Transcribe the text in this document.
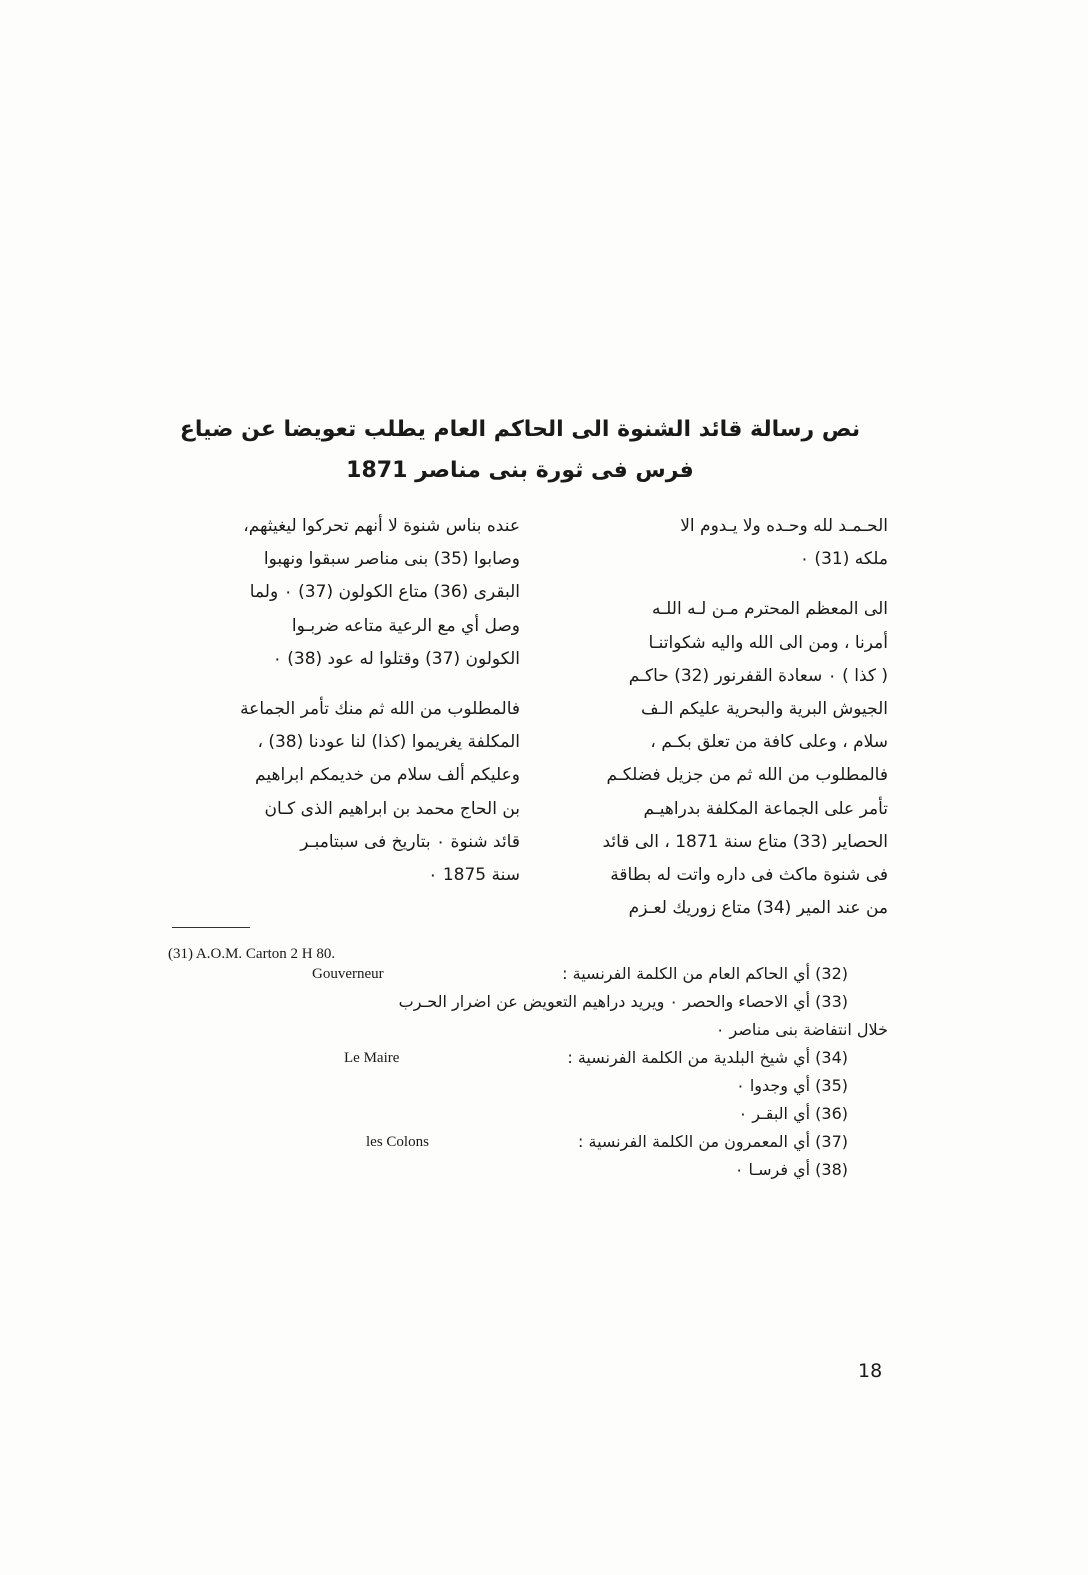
نص رسالة قائد الشنوة الى الحاكم العام يطلب تعويضا عن ضياع
فرس فى ثورة بنى مناصر 1871
الحـمـد لله وحـده ولا يـدوم الا
ملكه (31) ٠
الى المعظم المحترم مـن لـه اللـه
أمرنا ، ومن الى الله واليه شكواتنـا
( كذا ) ٠ سعادة القفرنور (32) حاكـم
الجيوش البرية والبحرية عليكم الـف
سلام ، وعلى كافة من تعلق بكـم ،
فالمطلوب من الله ثم من جزيل فضلكـم
تأمر على الجماعة المكلفة بدراهيـم
الحصاير (33) متاع سنة 1871 ، الى قائد
فى شنوة ماكث فى داره واتت له بطاقة
من عند المير (34) متاع زوريك لعـزم
عنده بناس شنوة لا أنهم تحركوا ليغيثهم،
وصابوا (35) بنى مناصر سبقوا ونهبوا
البقرى (36) متاع الكولون (37) ٠ ولما
وصل أي مع الرعية متاعه ضربـوا
الكولون (37) وقتلوا له عود (38) ٠
فالمطلوب من الله ثم منك تأمر الجماعة
المكلفة يغريموا (كذا) لنا عودنا (38) ،
وعليكم ألف سلام من خديمكم ابراهيم
بن الحاج محمد بن ابراهيم الذى كـان
قائد شنوة ٠ بتاريخ فى سبتامبـر
سنة 1875 ٠
(31) A.O.M. Carton 2 H 80.
(32) أي الحاكم العام من الكلمة الفرنسية :
Gouverneur
(33) أي الاحصاء والحصر ٠ ويريد دراهيم التعويض عن اضرار الحـرب
خلال انتفاضة بنى مناصر ٠
(34) أي شيخ البلدية من الكلمة الفرنسية :
Le Maire
(35) أي وجدوا ٠
(36) أي البقـر ٠
(37) أي المعمرون من الكلمة الفرنسية :
les Colons
(38) أي فرسـا ٠
18
